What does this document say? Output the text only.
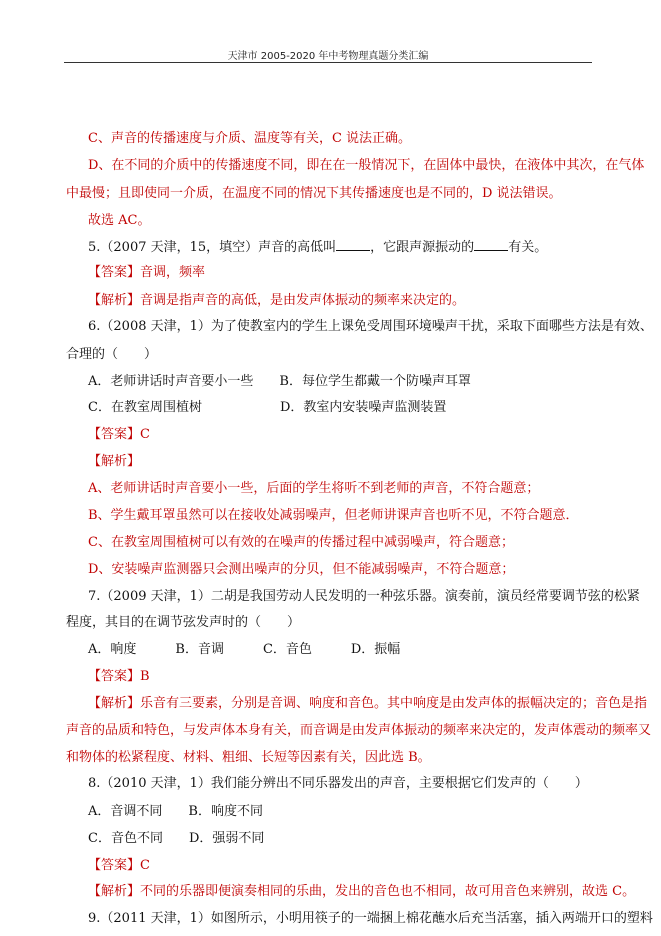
天津市 2005-2020 年中考物理真题分类汇编
C、声音的传播速度与介质、温度等有关，C 说法正确。
D、在不同的介质中的传播速度不同，即在在一般情况下，在固体中最快，在液体中其次，在气体
中最慢；且即使同一介质，在温度不同的情况下其传播速度也是不同的，D 说法错误。
故选 AC。
5.（2007 天津，15，填空）声音的高低叫	，它跟声源振动的	有关。
【答案】音调，频率
【解析】音调是指声音的高低，是由发声体振动的频率来决定的。
6.（2008 天津，1）为了使教室内的学生上课免受周围环境噪声干扰，采取下面哪些方法是有效、
合理的（　　）
A．老师讲话时声音要小一些　　B．每位学生都戴一个防噪声耳罩
C．在教室周围植树　　　　　　D．教室内安装噪声监测装置
【答案】C
【解析】
A、老师讲话时声音要小一些，后面的学生将听不到老师的声音，不符合题意；
B、学生戴耳罩虽然可以在接收处减弱噪声，但老师讲课声音也听不见，不符合题意．
C、在教室周围植树可以有效的在噪声的传播过程中减弱噪声，符合题意；
D、安装噪声监测器只会测出噪声的分贝，但不能减弱噪声，不符合题意；
7.（2009 天津，1）二胡是我国劳动人民发明的一种弦乐器。演奏前，演员经常要调节弦的松紧
程度，其目的在调节弦发声时的（　　）
A．响度　　　B．音调　　　C．音色　　　D．振幅
【答案】B
【解析】乐音有三要素，分别是音调、响度和音色。其中响度是由发声体的振幅决定的；音色是指
声音的品质和特色，与发声体本身有关，而音调是由发声体振动的频率来决定的，发声体震动的频率又
和物体的松紧程度、材料、粗细、长短等因素有关，因此选 B。
8.（2010 天津，1）我们能分辨出不同乐器发出的声音，主要根据它们发声的（　　）
A．音调不同　　B．响度不同
C．音色不同　　D．强弱不同
【答案】C
【解析】不同的乐器即便演奏相同的乐曲，发出的音色也不相同，故可用音色来辨别，故选 C。
9.（2011 天津，1）如图所示，小明用筷子的一端捆上棉花蘸水后充当活塞，插入两端开口的塑料
